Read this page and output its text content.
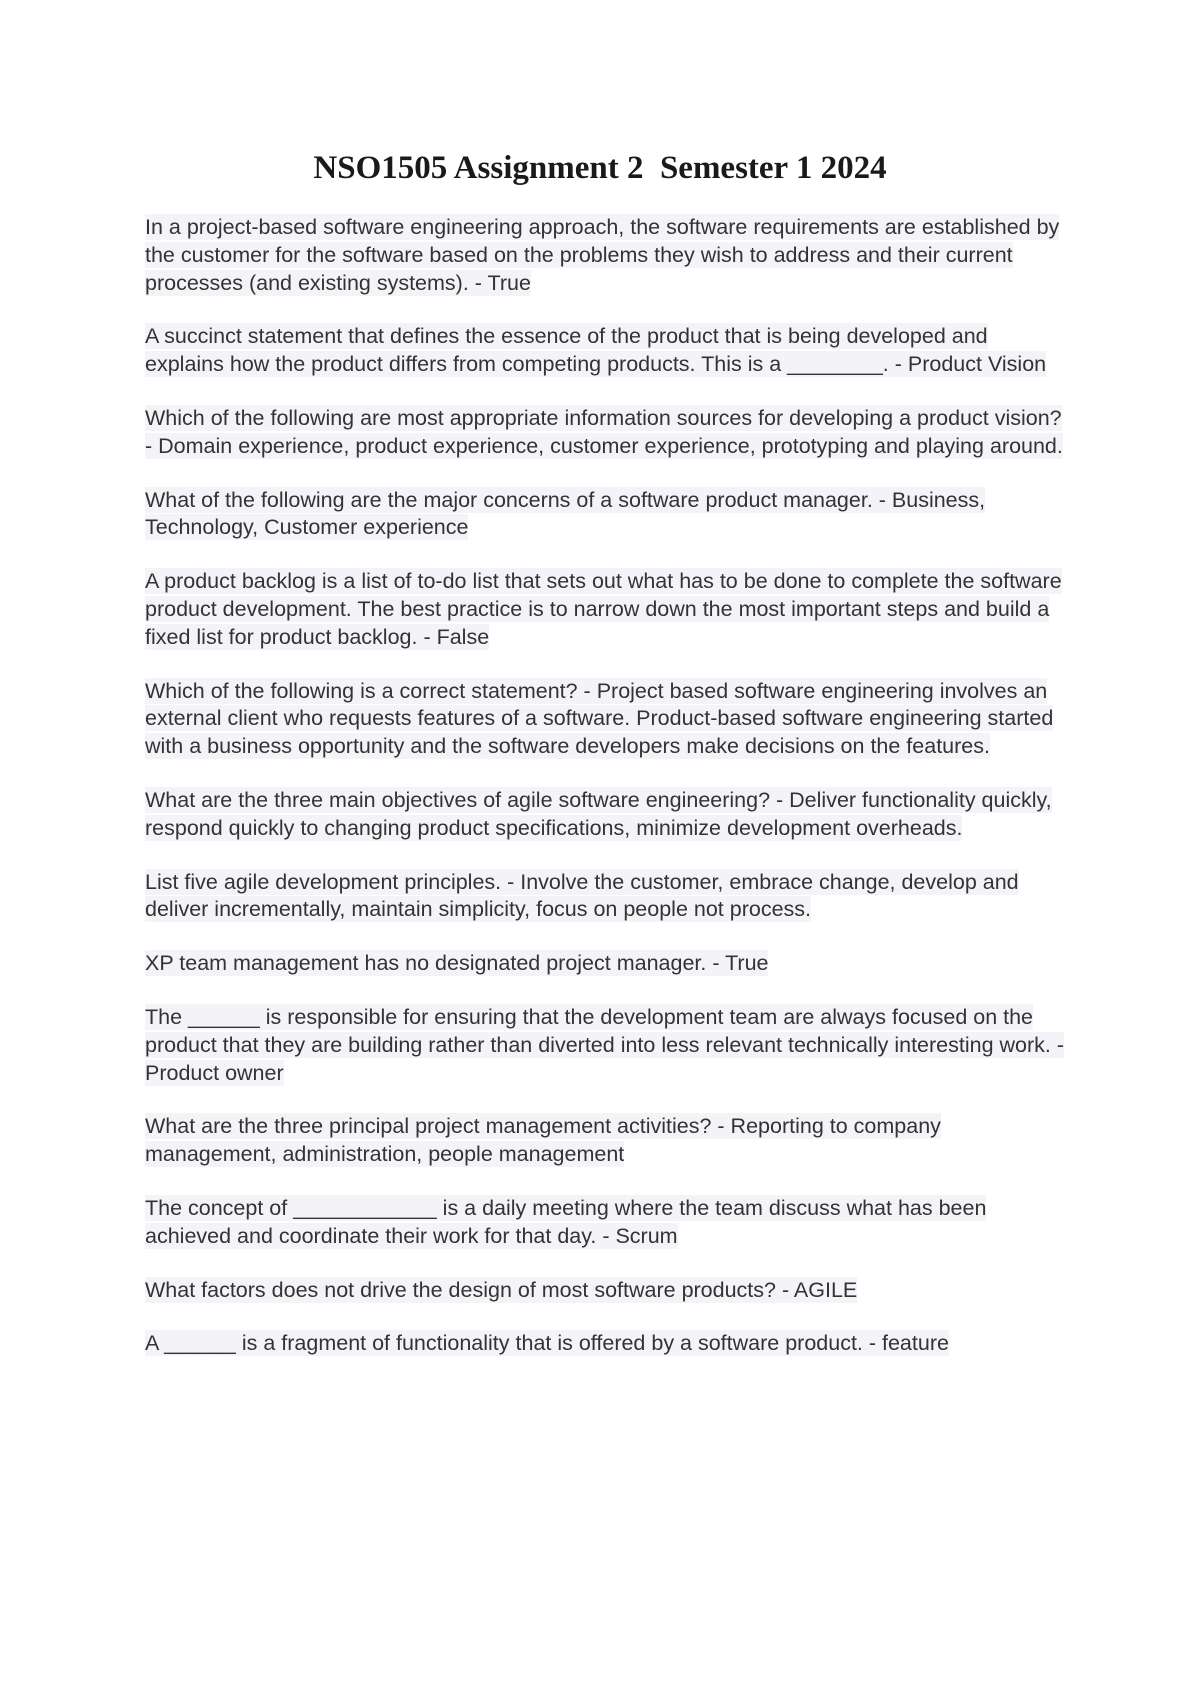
NSO1505 Assignment 2  Semester 1 2024
In a project-based software engineering approach, the software requirements are established by the customer for the software based on the problems they wish to address and their current processes (and existing systems). - True
A succinct statement that defines the essence of the product that is being developed and explains how the product differs from competing products. This is a ________. - Product Vision
Which of the following are most appropriate information sources for developing a product vision? - Domain experience, product experience, customer experience, prototyping and playing around.
What of the following are the major concerns of a software product manager. - Business, Technology, Customer experience
A product backlog is a list of to-do list that sets out what has to be done to complete the software product development. The best practice is to narrow down the most important steps and build a fixed list for product backlog. - False
Which of the following is a correct statement? - Project based software engineering involves an external client who requests features of a software. Product-based software engineering started with a business opportunity and the software developers make decisions on the features.
What are the three main objectives of agile software engineering? - Deliver functionality quickly, respond quickly to changing product specifications, minimize development overheads.
List five agile development principles. - Involve the customer, embrace change, develop and deliver incrementally, maintain simplicity, focus on people not process.
XP team management has no designated project manager. - True
The ______ is responsible for ensuring that the development team are always focused on the product that they are building rather than diverted into less relevant technically interesting work. - Product owner
What are the three principal project management activities? - Reporting to company management, administration, people management
The concept of ____________ is a daily meeting where the team discuss what has been achieved and coordinate their work for that day. - Scrum
What factors does not drive the design of most software products? - AGILE
A ______ is a fragment of functionality that is offered by a software product. - feature
